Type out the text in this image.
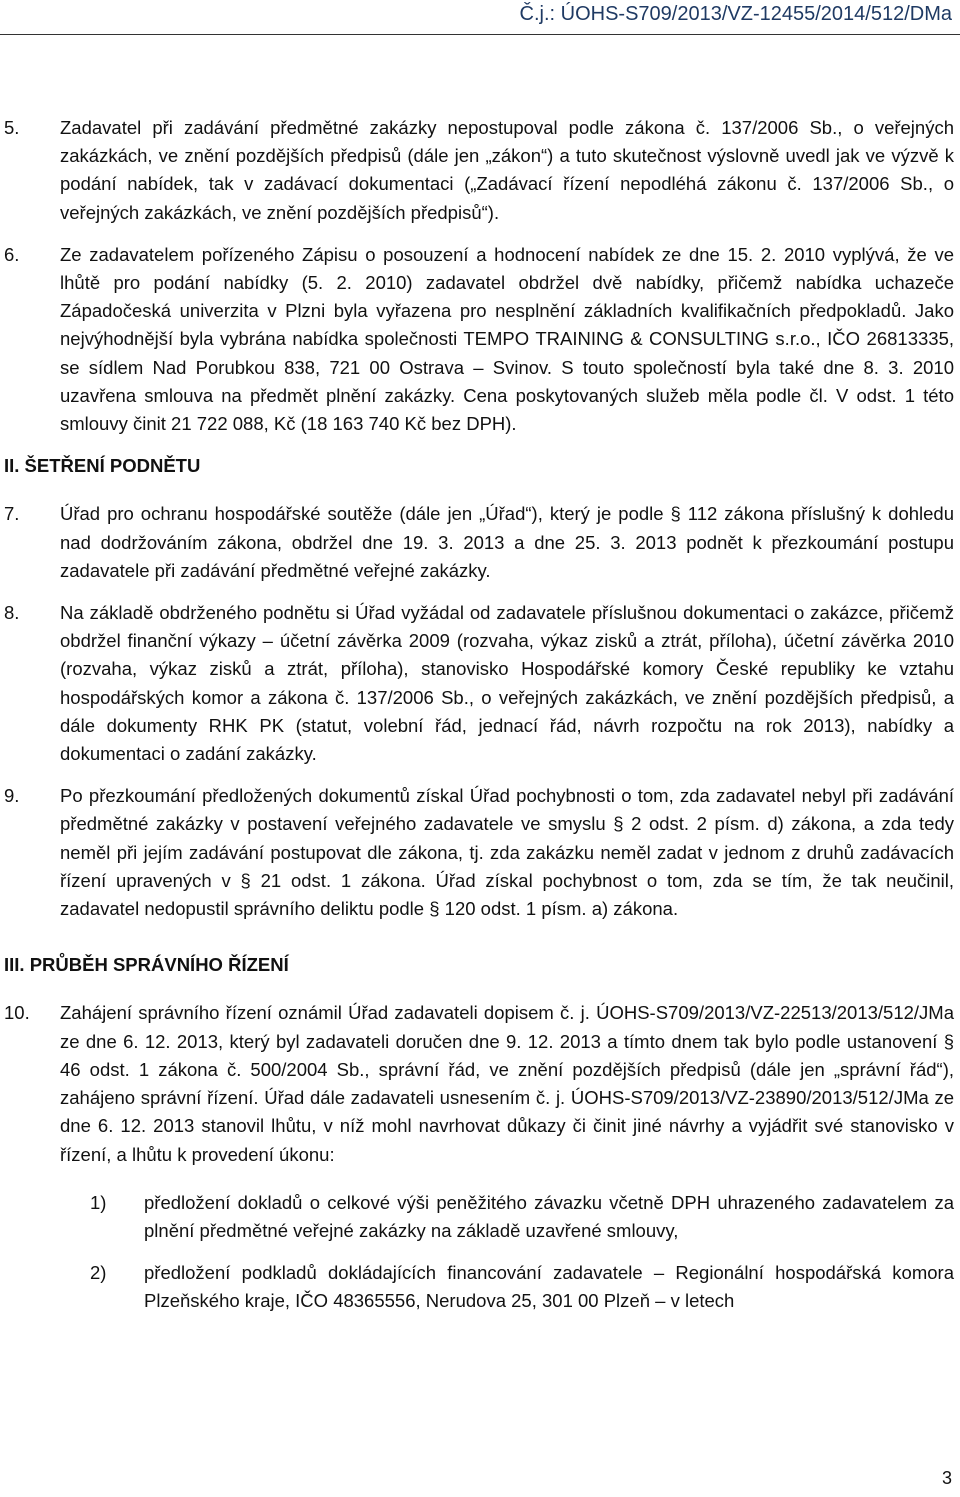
Č.j.: ÚOHS-S709/2013/VZ-12455/2014/512/DMa
5. Zadavatel při zadávání předmětné zakázky nepostupoval podle zákona č. 137/2006 Sb., o veřejných zakázkách, ve znění pozdějších předpisů (dále jen „zákon“) a tuto skutečnost výslovně uvedl jak ve výzvě k podání nabídek, tak v zadávací dokumentaci („Zadávací řízení nepodléhá zákonu č. 137/2006 Sb., o veřejných zakázkách, ve znění pozdějších předpisů“).
6. Ze zadavatelem pořízeného Zápisu o posouzení a hodnocení nabídek ze dne 15. 2. 2010 vyplývá, že ve lhůtě pro podání nabídky (5. 2. 2010) zadavatel obdržel dvě nabídky, přičemž nabídka uchazeče Západočeská univerzita v Plzni byla vyřazena pro nesplnění základních kvalifikačních předpokladů. Jako nejvýhodnější byla vybrána nabídka společnosti TEMPO TRAINING & CONSULTING s.r.o., IČO 26813335, se sídlem Nad Porubkou 838, 721 00 Ostrava – Svinov. S touto společností byla také dne 8. 3. 2010 uzavřena smlouva na předmět plnění zakázky. Cena poskytovaných služeb měla podle čl. V odst. 1 této smlouvy činit 21 722 088, Kč (18 163 740 Kč bez DPH).
II. ŠETŘENÍ PODNĚTU
7. Úřad pro ochranu hospodářské soutěže (dále jen „Úřad“), který je podle § 112 zákona příslušný k dohledu nad dodržováním zákona, obdržel dne 19. 3. 2013 a dne 25. 3. 2013 podnět k přezkoumání postupu zadavatele při zadávání předmětné veřejné zakázky.
8. Na základě obdrženého podnětu si Úřad vyžádal od zadavatele příslušnou dokumentaci o zakázce, přičemž obdržel finanční výkazy – účetní závěrka 2009 (rozvaha, výkaz zisků a ztrát, příloha), účetní závěrka 2010 (rozvaha, výkaz zisků a ztrát, příloha), stanovisko Hospodářské komory České republiky ke vztahu hospodářských komor a zákona č. 137/2006 Sb., o veřejných zakázkách, ve znění pozdějších předpisů, a dále dokumenty RHK PK (statut, volební řád, jednací řád, návrh rozpočtu na rok 2013), nabídky a dokumentaci o zadání zakázky.
9. Po přezkoumání předložených dokumentů získal Úřad pochybnosti o tom, zda zadavatel nebyl při zadávání předmětné zakázky v postavení veřejného zadavatele ve smyslu § 2 odst. 2 písm. d) zákona, a zda tedy neměl při jejím zadávání postupovat dle zákona, tj. zda zakázku neměl zadat v jednom z druhů zadávacích řízení upravených v § 21 odst. 1 zákona. Úřad získal pochybnost o tom, zda se tím, že tak neučinil, zadavatel nedopustil správního deliktu podle § 120 odst. 1 písm. a) zákona.
III. PRŮBĚH SPRÁVNÍHO ŘÍZENÍ
10. Zahájení správního řízení oznámil Úřad zadavateli dopisem č. j. ÚOHS-S709/2013/VZ-22513/2013/512/JMa ze dne 6. 12. 2013, který byl zadavateli doručen dne 9. 12. 2013 a tímto dnem tak bylo podle ustanovení § 46 odst. 1 zákona č. 500/2004 Sb., správní řád, ve znění pozdějších předpisů (dále jen „správní řád“), zahájeno správní řízení. Úřad dále zadavateli usnesením č. j. ÚOHS-S709/2013/VZ-23890/2013/512/JMa ze dne 6. 12. 2013 stanovil lhůtu, v níž mohl navrhovat důkazy či činit jiné návrhy a vyjádřit své stanovisko v řízení, a lhůtu k provedení úkonu:
1) předložení dokladů o celkové výši peněžitého závazku včetně DPH uhrazeného zadavatelem za plnění předmětné veřejné zakázky na základě uzavřené smlouvy,
2) předložení podkladů dokládajících financování zadavatele – Regionální hospodářská komora Plzeňského kraje, IČO 48365556, Nerudova 25, 301 00 Plzeň – v letech
3
